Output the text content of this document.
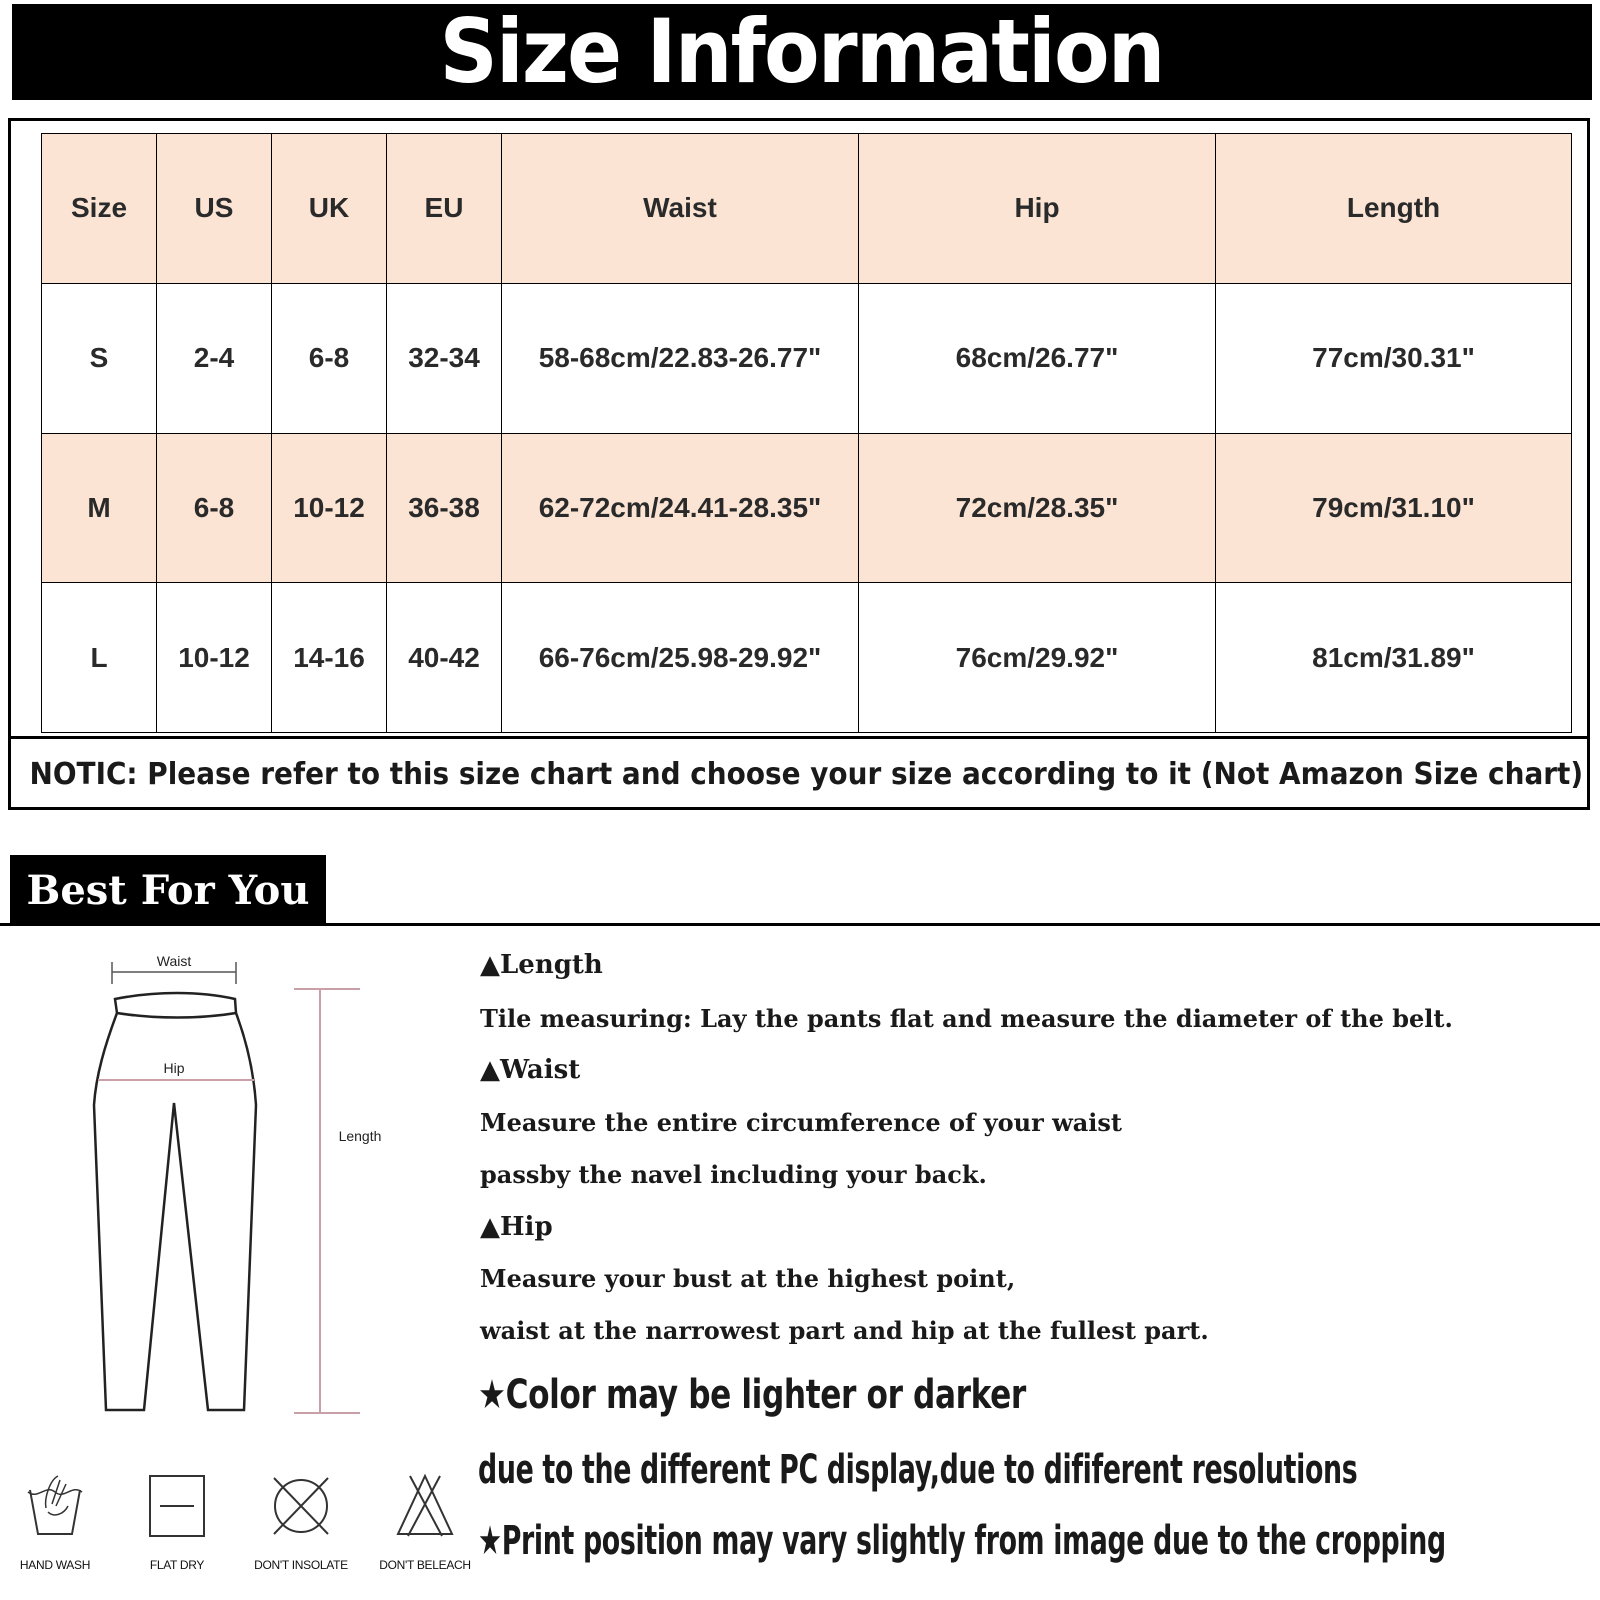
Size Information
Size	US	UK	EU	Waist	Hip	Length
S	2-4	6-8	32-34	58-68cm/22.83-26.77"	68cm/26.77"	77cm/30.31"
M	6-8	10-12	36-38	62-72cm/24.41-28.35"	72cm/28.35"	79cm/31.10"
L	10-12	14-16	40-42	66-76cm/25.98-29.92"	76cm/29.92"	81cm/31.89"
NOTIC: Please refer to this size chart and choose your size according to it (Not Amazon Size chart)
Best For You
Waist
Hip
Length
HAND WASH	FLAT DRY	DON'T INSOLATE	DON'T BELEACH
▲Length
Tile measuring: Lay the pants flat and measure the diameter of the belt.
▲Waist
Measure the entire circumference of your waist
passby the navel including your back.
▲Hip
Measure your bust at the highest point,
waist at the narrowest part and hip at the fullest part.
★Color may be lighter or darker
due to the different PC display,due to dififerent resolutions
★Print position may vary slightly from image due to the cropping
